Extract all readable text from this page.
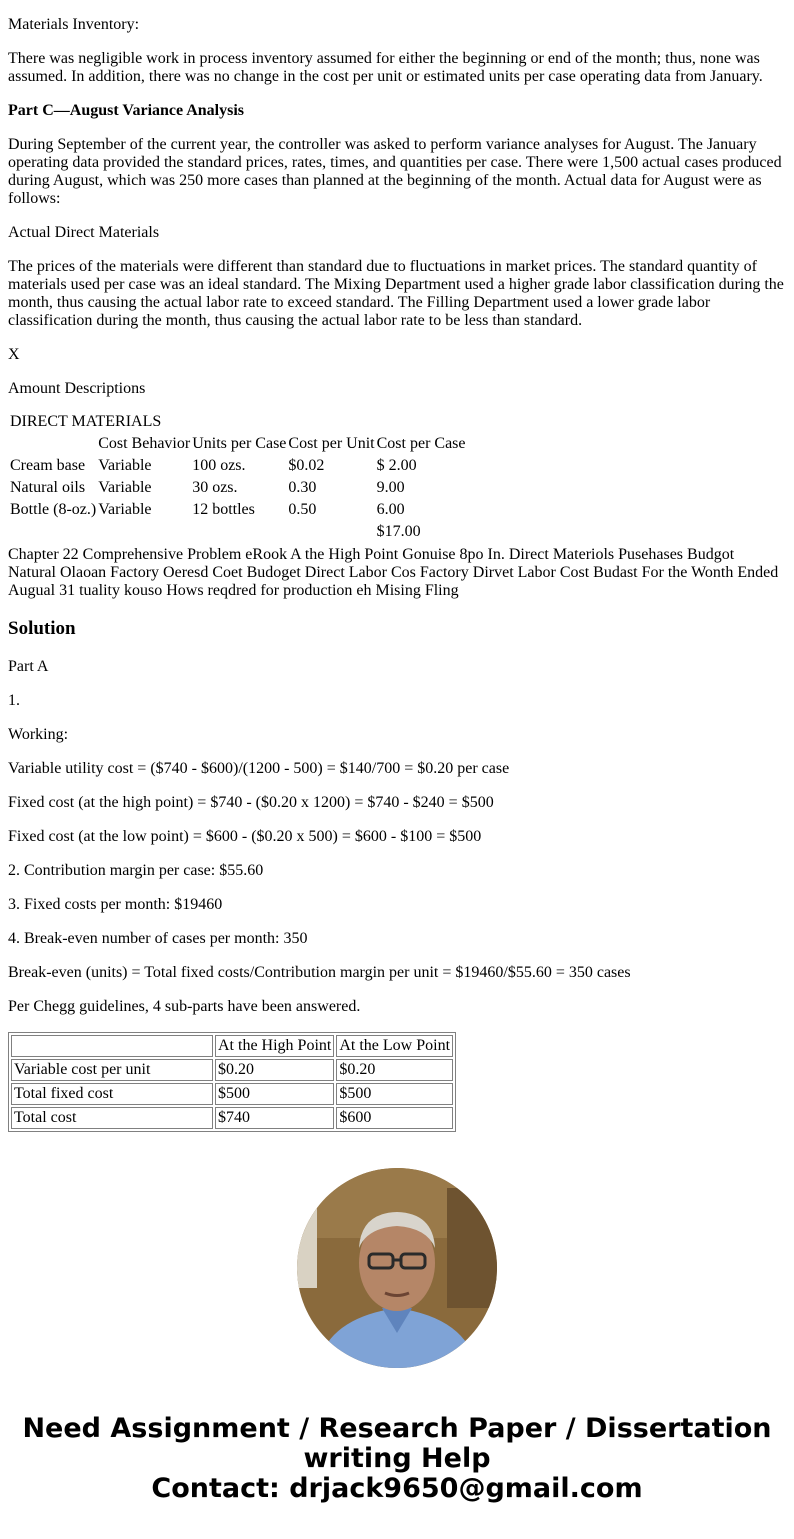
Materials Inventory:

There was negligible work in process inventory assumed for either the beginning or end of the month; thus, none was assumed. In addition, there was no change in the cost per unit or estimated units per case operating data from January.

Part C—August Variance Analysis

During September of the current year, the controller was asked to perform variance analyses for August. The January operating data provided the standard prices, rates, times, and quantities per case. There were 1,500 actual cases produced during August, which was 250 more cases than planned at the beginning of the month. Actual data for August were as follows:

Actual Direct Materials

The prices of the materials were different than standard due to fluctuations in market prices. The standard quantity of materials used per case was an ideal standard. The Mixing Department used a higher grade labor classification during the month, thus causing the actual labor rate to exceed standard. The Filling Department used a lower grade labor classification during the month, thus causing the actual labor rate to be less than standard.

X

Amount Descriptions

DIRECT MATERIALS				
	Cost Behavior	Units per Case	Cost per Unit	Cost per Case
Cream base	Variable	100 ozs.	$0.02	$ 2.00
Natural oils	Variable	30 ozs.	0.30	9.00
Bottle (8-oz.)	Variable	12 bottles	0.50	6.00
				$17.00

Chapter 22 Comprehensive Problem eRook A the High Point Gonuise 8po In. Direct Materiols Pusehases Budgot Natural Olaoan Factory Oeresd Coet Budoget Direct Labor Cos Factory Dirvet Labor Cost Budast For the Wonth Ended Augual 31 tuality kouso Hows reqdred for production eh Mising Fling

Solution

Part A

1.

Working:

Variable utility cost = ($740 - $600)/(1200 - 500) = $140/700 = $0.20 per case

Fixed cost (at the high point) = $740 - ($0.20 x 1200) = $740 - $240 = $500

Fixed cost (at the low point) = $600 - ($0.20 x 500) = $600 - $100 = $500

2. Contribution margin per case: $55.60

3. Fixed costs per month: $19460

4. Break-even number of cases per month: 350

Break-even (units) = Total fixed costs/Contribution margin per unit = $19460/$55.60 = 350 cases

Per Chegg guidelines, 4 sub-parts have been answered.

	At the High Point	At the Low Point
Variable cost per unit	$0.20	$0.20
Total fixed cost	$500	$500
Total cost	$740	$600
Need Assignment / Research Paper / Dissertation writing Help
Contact: drjack9650@gmail.com
